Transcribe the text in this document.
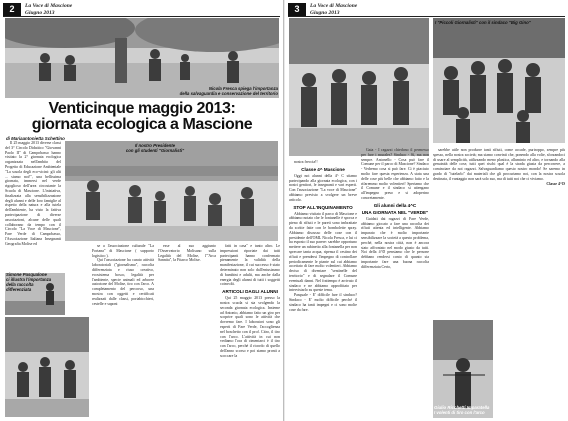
2	La Voce di Mascione
Giugno 2013
Nicola Fresca spiega l'importanza
della salvaguardia e conservazione del territorio
Venticinque maggio 2013:
giornata ecologica a Mascione
di Mariaantonietta Schettino

Il 25 maggio 2013 diverse classi del 3° Circolo Didattico "Giovanni Paolo II" di Campobasso hanno visitato la 2° giornata ecologica organizzata nell'ambito del Progetto di Educazione Ambientale "La scuola degli eco-vicini: gli alti ... siamo noi!", una bellissima giornata, immersi nel verde rigoglioso dell'area circostante la Scuola di Mascione. L'iniziativa, finalizzata alla sensibilizzazione degli alunni e delle loro famiglie al rispetto della natura e alla tutela dell'ambiente, ha visto la fattiva partecipazione di diverse associazioni, alcune delle quali collaborano da tempo con il Circolo "La Voce di Mascione", Fare Verde di Campobasso, l'Associazione Italiana Insegnanti Geografia Molise ed

Il nostro Presidente
con gli studenti "Giornalisti"
Simone Pasqualone
ci illustra l'importanza
della raccolta
differenziata

se a l'associazione culturale "La Fortana" di Mascione ( supporto logistico ).

Qui l'associazione ha curato attività laboratoriali ("giornalismo", raccolta differenziata e riuso creativo, ecosistema bosco, legalità per l'ambiente, specie animali ed arboree autoctone del Molise, tiro con l'arco. A completamento del percorso, una mostra con oggetti e certificati realizzati dalle classi, portabicchieri, cestelle e saponi

esse al suo aggiunto l'Osservatorio Molisano sulla Legalità del Molise, l'"Arca Sannita", la Fitarco Molise.

fatti in casa" e tanto altro. Le impressioni riportate dai tutti partecipanti hanno confermato pienamente la validità della manifestazione, il cui successo è stato determinato non solo dall'entusiasmo di bambini e adulti, ma anche dalla energia degli alunni di tutti i soggetti coinvolti.

ARTICOLI DAGLI ALUNNI

Qui 25 maggio 2013 presso la nostra scuola si sta svolgendo la seconda giornata ecologica. Insieme ad Antonio, abbiamo fatto un giro per scoprire quali sono le attività che dovremo fare. I laboratori sono gli esperti di Fare Verde, l'accoglienza nel boschetto con il prof. Citro, il tiro con l'arco. L'attività in cui non vediamo l'ora di cimentarci è il tiro con l'arco, perché il ricordo di quello dell'anno scorso e poi siamo pronti a scoccare la

3	La Voce di Mascione
Giugno 2013
I "Piccoli Giornalisti" con il sindaco "Big Gino"

nostra freccia!!

Classe 4^ Mascione

Oggi noi alunni della 4^ C stiamo partecipando alla giornata ecologica, con i nostri genitori, le insegnanti e vari esperti. Con l'associazione "La voce di Mascione" abbiamo previsto a svolgere un breve articolo.

STOP ALL'INQUINAMENTO

Abbiamo visitato il parco di Mascione e abbiamo notato che le fontanelle è sporca e pieno di rifiuti e le pareti sono imbrattate da scritte fatte con le bombolette spray. Abbiamo discusso delle cose con il presidente dell'OML Nicola Fresca, e lui ci ha esposto il suo parere: sarebbe opportuno mettere un rubinetto alla fontanella per non sprecare tanta acqua, ripensa il cestino dei rifiuti e prendersi l'impegno di controllare periodicamente le piante sul cui abbiamo accettato di fare molto volentieri. Abbiamo deciso di diventare "sentinelle del territorio" e di segnalare il Comune eventuali danni. Nel frattempo è arrivato il sindaco e ne abbiamo approfittato per intervistarlo su queste tema.

Pasquale - E' difficile fare il sindaco? Sindaco - E' molto difficile perché il sindaco ha tanti impegni e ci sono molte cose da fare.

Gaia - I ragazzi chiedono il permesso per fare i murales? Sindaco - Sì, ma non sempre. Antonello - Cosa può fare il Comune per il parco di Mascione? Sindaco - Vedremo cosa si può fare. Ci è piaciuto molto fare questa esperienza. A stata una delle cose più belle che abbiamo fatto e la rifaremmo molto volentieri! Speriamo che il Comune e il sindaco si attengano all'impegno preso e si adoperino concretamente.

Gli alunni della 4^C
UNA GIORNATA NEL "VERDE"

Guidati dai ragazzi di Fare Verde, abbiamo giocato a fare una raccolta dei rifiuti attenta ed intelligente. Abbiamo imparato che è molto importante sensibilizzare la società a questo problema, perché, nella nostra città, non è ancora stato affrontato nel modo giusto da tutti. Noi della 4^D pensiamo che le persone debbano rendersi conto di quanto sia importante fare una buona raccolta differenziata Certo,

Giulio Ricchetti Imparatella
I volenti di tiro con l'arco

sarebbe utile non produrre tanti rifiuti, come accade, purtroppo, sempre più spesso, nella nostra società; ma siamo convinti che, ponendo alla volte, sforzandoci di usare al semplicità, utilizzando meno plastica, alluminio ed altro, e tornando alla genuinità delle cose, tutti quei rischi qual è la strada giusta da percorrere, a cominciare da noi ragazzi. Salvaguardiamo questo nostro mondo! Se saremo in grado di "tutelarlo" dai materiali che gli procuriamo noi, con la nostra scuola destinata, il vantaggio non sarà solo suo, ma di tutti noi che ci viviamo.

Classe 4^D
